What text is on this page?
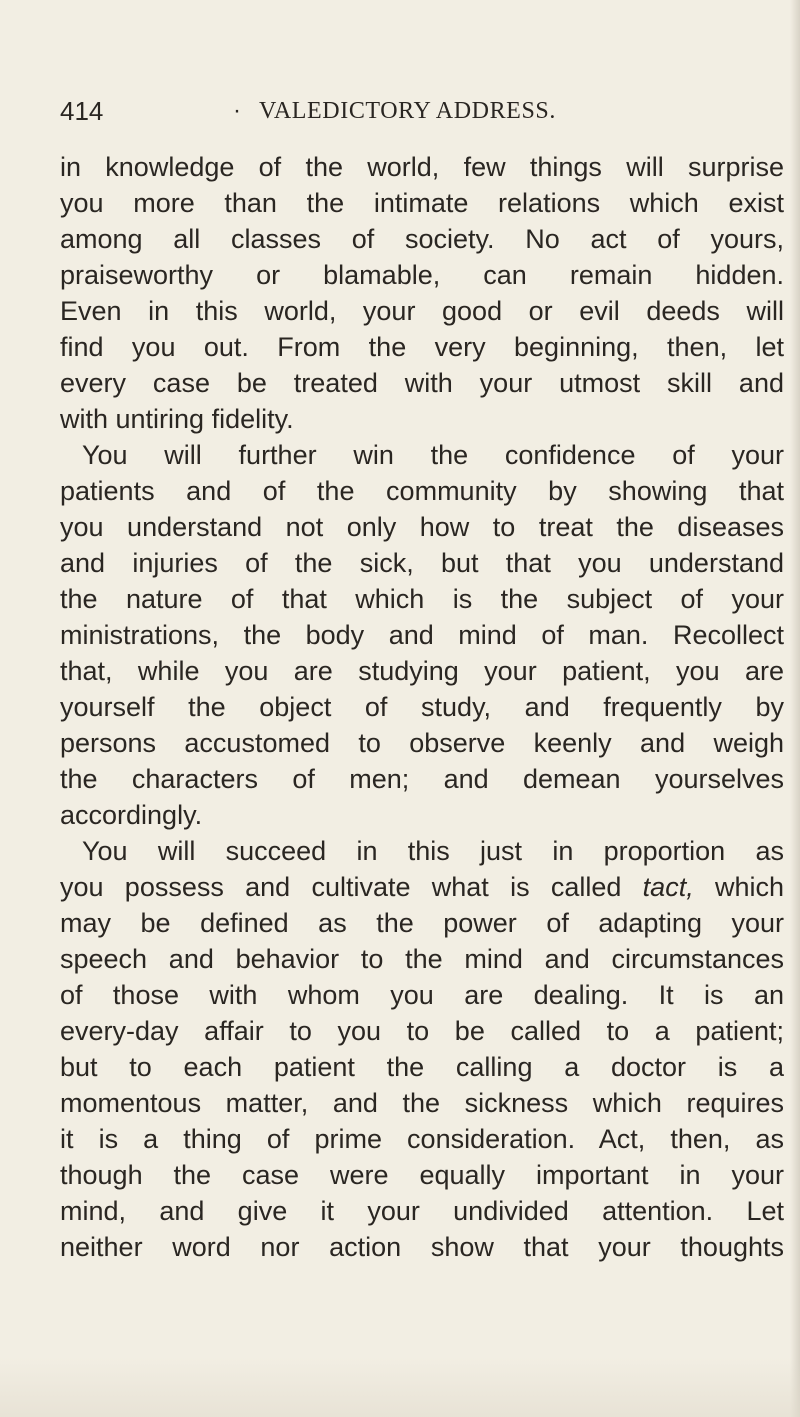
414	· VALEDICTORY ADDRESS.
in knowledge of the world, few things will surprise
you more than the intimate relations which exist
among all classes of society. No act of yours,
praiseworthy or blamable, can remain hidden.
Even in this world, your good or evil deeds will
find you out. From the very beginning, then, let
every case be treated with your utmost skill and
with untiring fidelity.
You will further win the confidence of your
patients and of the community by showing that
you understand not only how to treat the diseases
and injuries of the sick, but that you understand
the nature of that which is the subject of your
ministrations, the body and mind of man. Recollect
that, while you are studying your patient, you are
yourself the object of study, and frequently by
persons accustomed to observe keenly and weigh
the characters of men; and demean yourselves
accordingly.
You will succeed in this just in proportion as
you possess and cultivate what is called tact, which
may be defined as the power of adapting your
speech and behavior to the mind and circumstances
of those with whom you are dealing. It is an
every-day affair to you to be called to a patient;
but to each patient the calling a doctor is a
momentous matter, and the sickness which requires
it is a thing of prime consideration. Act, then, as
though the case were equally important in your
mind, and give it your undivided attention. Let
neither word nor action show that your thoughts
